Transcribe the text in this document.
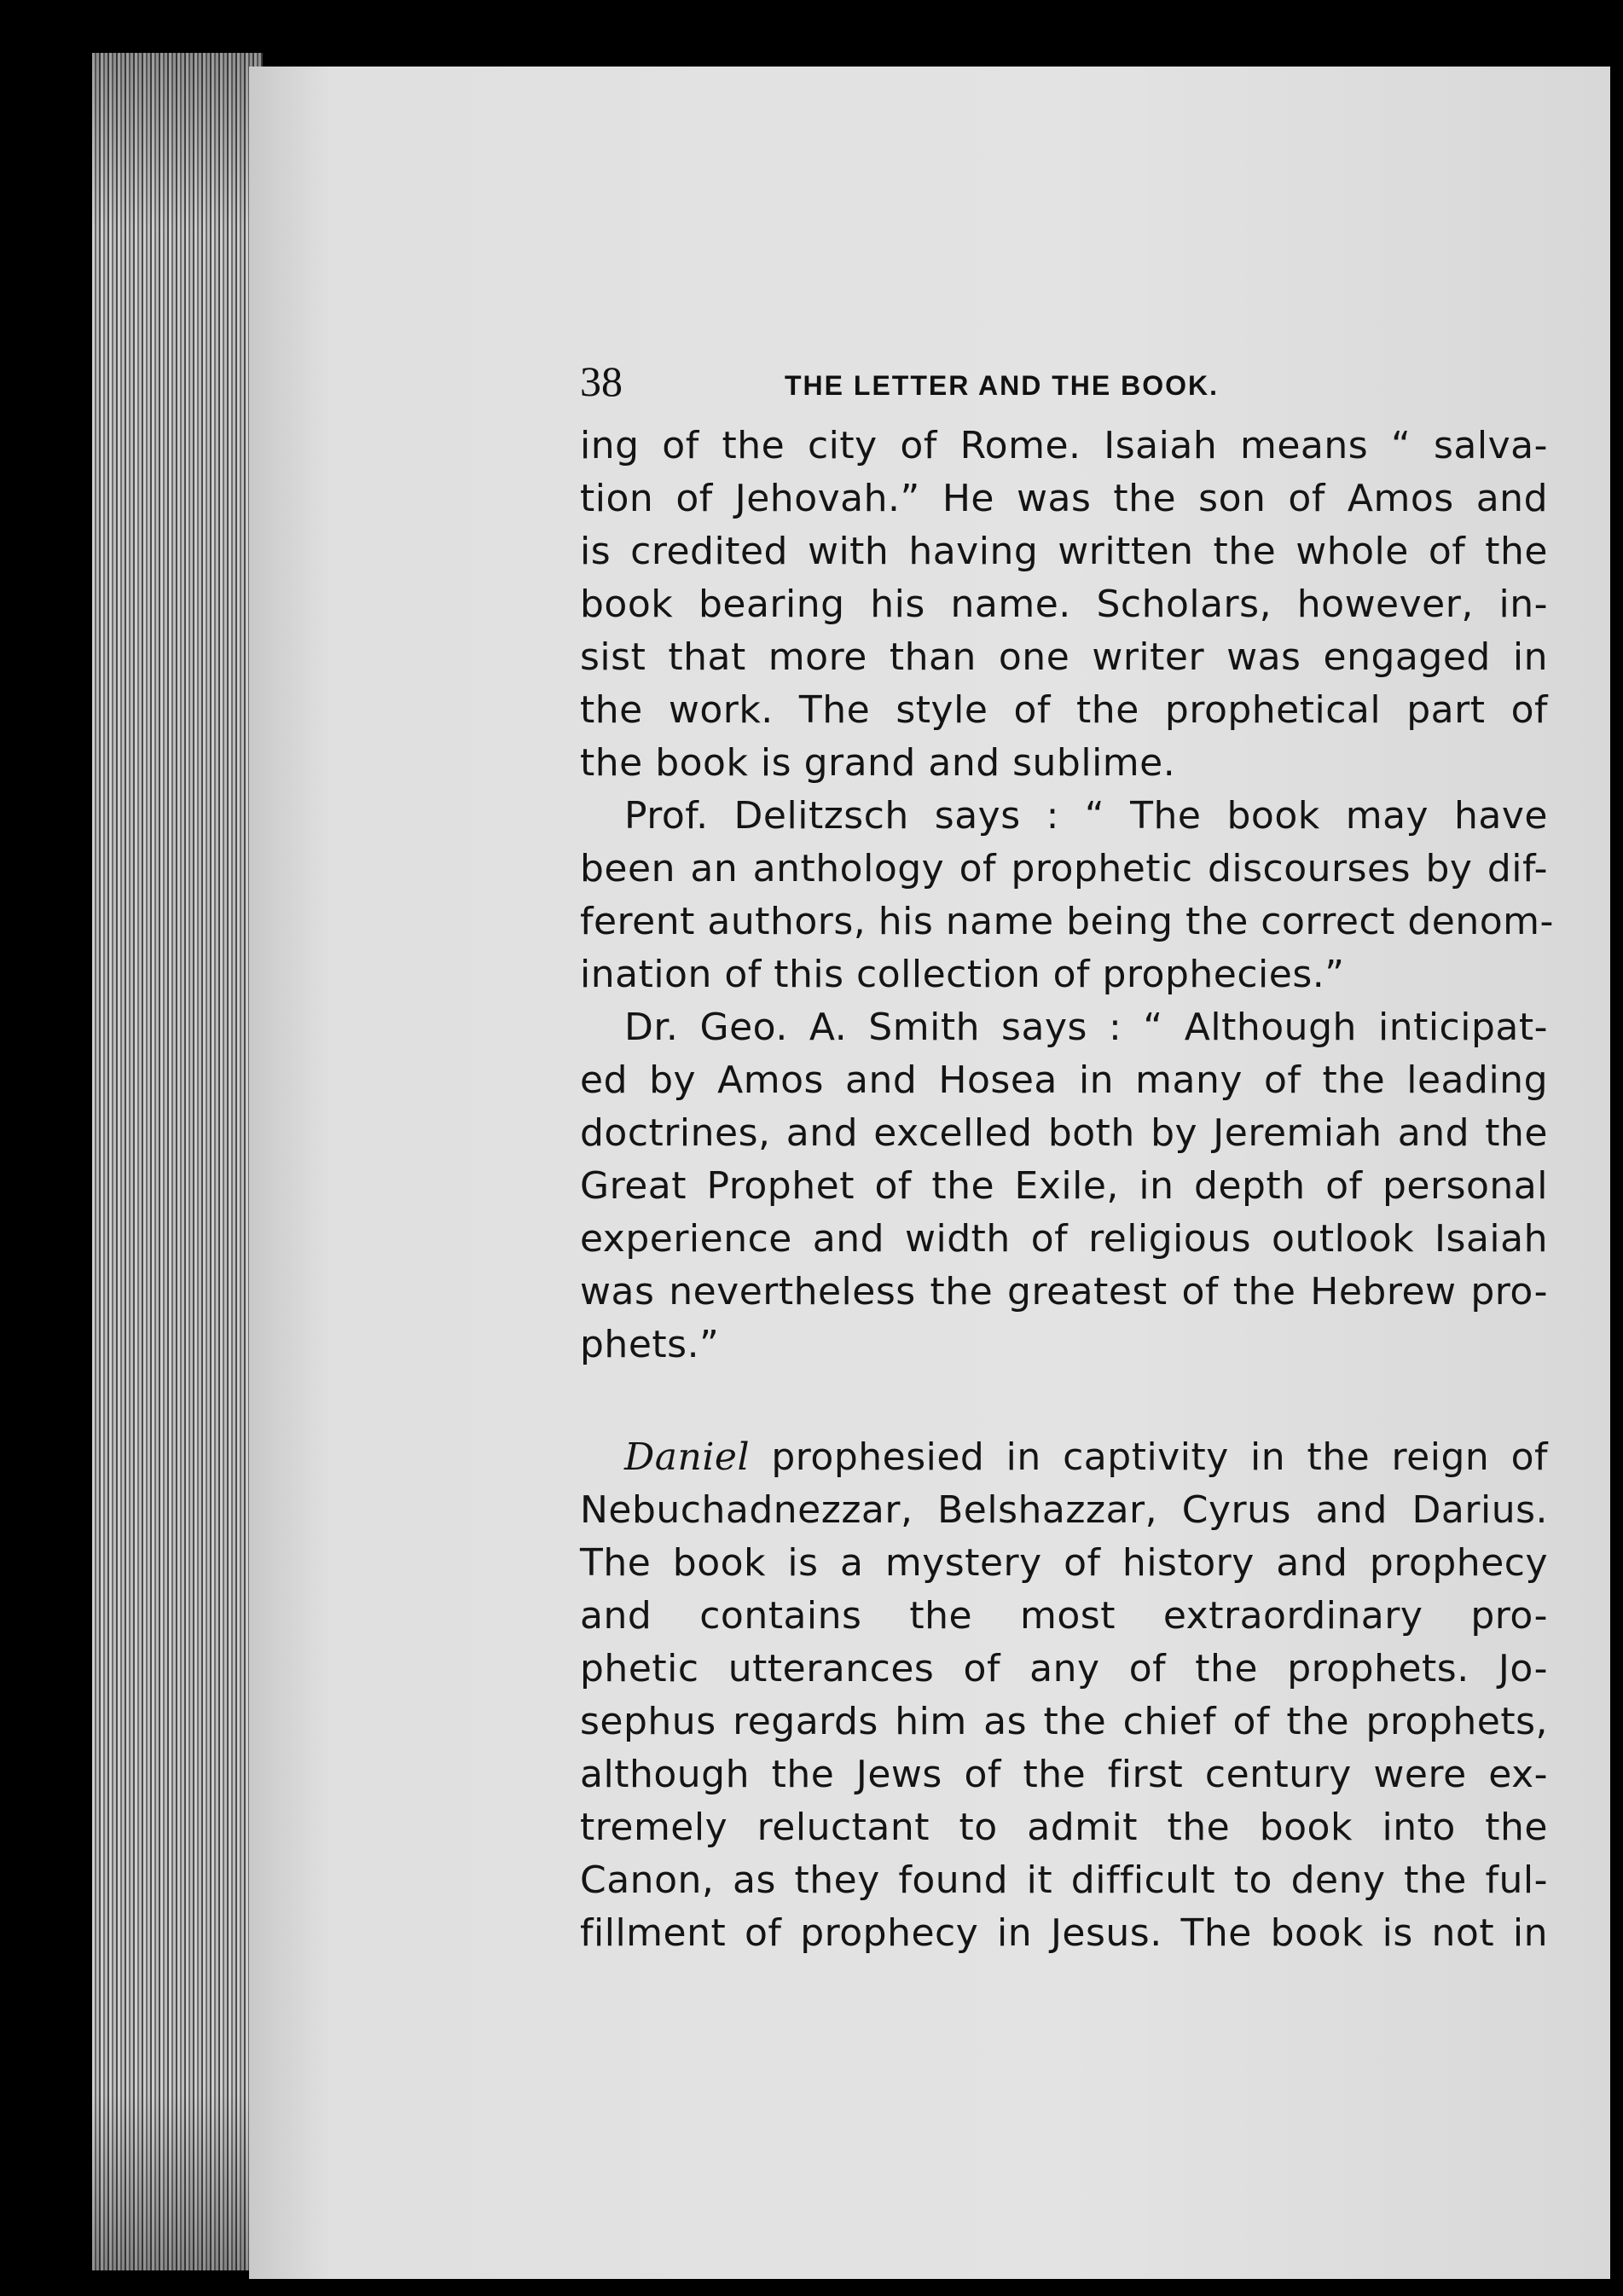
38	THE LETTER AND THE BOOK.
ing of the city of Rome. Isaiah means “ salva-
tion of Jehovah.” He was the son of Amos and
is credited with having written the whole of the
book bearing his name. Scholars, however, in-
sist that more than one writer was engaged in
the work. The style of the prophetical part of
the book is grand and sublime.
Prof. Delitzsch says : “ The book may have
been an anthology of prophetic discourses by dif-
ferent authors, his name being the correct denom-
ination of this collection of prophecies.”
Dr. Geo. A. Smith says : “ Although inticipat-
ed by Amos and Hosea in many of the leading
doctrines, and excelled both by Jeremiah and the
Great Prophet of the Exile, in depth of personal
experience and width of religious outlook Isaiah
was nevertheless the greatest of the Hebrew pro-
phets.”
Daniel prophesied in captivity in the reign of
Nebuchadnezzar, Belshazzar, Cyrus and Darius.
The book is a mystery of history and prophecy
and contains the most extraordinary pro-
phetic utterances of any of the prophets. Jo-
sephus regards him as the chief of the prophets,
although the Jews of the first century were ex-
tremely reluctant to admit the book into the
Canon, as they found it difficult to deny the ful-
fillment of prophecy in Jesus. The book is not in
